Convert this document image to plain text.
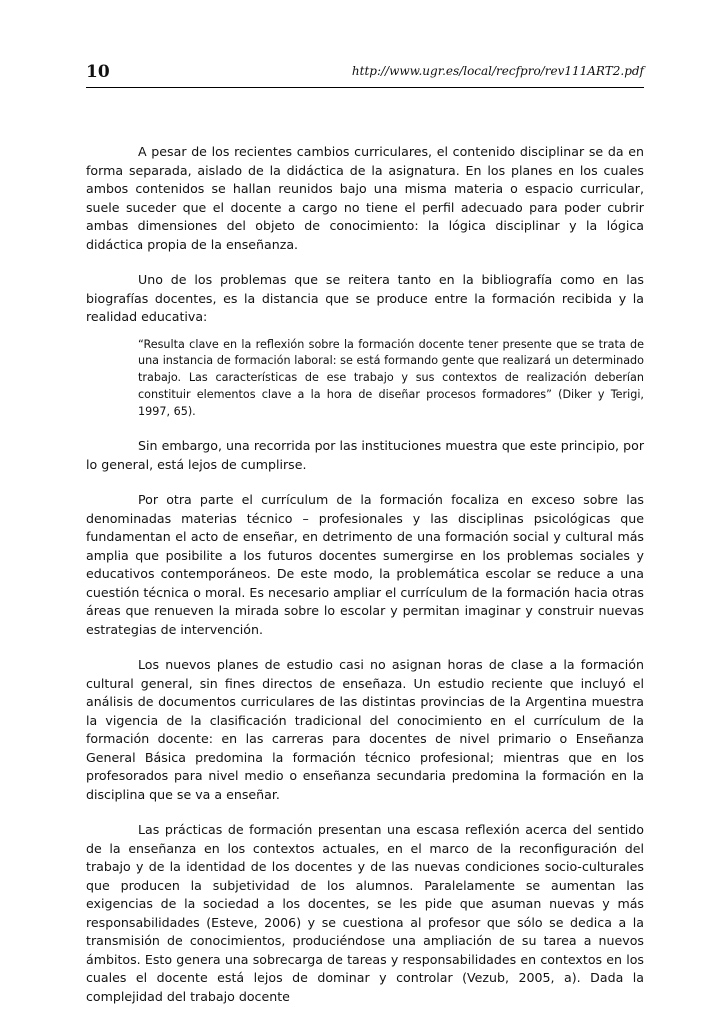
10	http://www.ugr.es/local/recfpro/rev111ART2.pdf

A pesar de los recientes cambios curriculares, el contenido disciplinar se da en forma separada, aislado de la didáctica de la asignatura. En los planes en los cuales ambos contenidos se hallan reunidos bajo una misma materia o espacio curricular, suele suceder que el docente a cargo no tiene el perfil adecuado para poder cubrir ambas dimensiones del objeto de conocimiento: la lógica disciplinar y la lógica didáctica propia de la enseñanza.

Uno de los problemas que se reitera tanto en la bibliografía como en las biografías docentes, es la distancia que se produce entre la formación recibida y la realidad educativa:

“Resulta clave en la reflexión sobre la formación docente tener presente que se trata de una instancia de formación laboral: se está formando gente que realizará un determinado trabajo. Las características de ese trabajo y sus contextos de realización deberían constituir elementos clave a la hora de diseñar procesos formadores” (Diker y Terigi, 1997, 65).

Sin embargo, una recorrida por las instituciones muestra que este principio, por lo general, está lejos de cumplirse.

Por otra parte el currículum de la formación focaliza en exceso sobre las denominadas materias técnico – profesionales y las disciplinas psicológicas que fundamentan el acto de enseñar, en detrimento de una formación social y cultural más amplia que posibilite a los futuros docentes sumergirse en los problemas sociales y educativos contemporáneos. De este modo, la problemática escolar se reduce a una cuestión técnica o moral. Es necesario ampliar el currículum de la formación hacia otras áreas que renueven la mirada sobre lo escolar y permitan imaginar y construir nuevas estrategias de intervención.

Los nuevos planes de estudio casi no asignan horas de clase a la formación cultural general, sin fines directos de enseñaza. Un estudio reciente que incluyó el análisis de documentos curriculares de las distintas provincias de la Argentina muestra la vigencia de la clasificación tradicional del conocimiento en el currículum de la formación docente: en las carreras para docentes de nivel primario o Enseñanza General Básica predomina la formación técnico profesional; mientras que en los profesorados para nivel medio o enseñanza secundaria predomina la formación en la disciplina que se va a enseñar.

Las prácticas de formación presentan una escasa reflexión acerca del sentido de la enseñanza en los contextos actuales, en el marco de la reconfiguración del trabajo y de la identidad de los docentes y de las nuevas condiciones socio-culturales que producen la subjetividad de los alumnos. Paralelamente se aumentan las exigencias de la sociedad a los docentes, se les pide que asuman nuevas y más responsabilidades (Esteve, 2006) y se cuestiona al profesor que sólo se dedica a la transmisión de conocimientos, produciéndose una ampliación de su tarea a nuevos ámbitos. Esto genera una sobrecarga de tareas y responsabilidades en contextos en los cuales el docente está lejos de dominar y controlar (Vezub, 2005, a). Dada la complejidad del trabajo docente
